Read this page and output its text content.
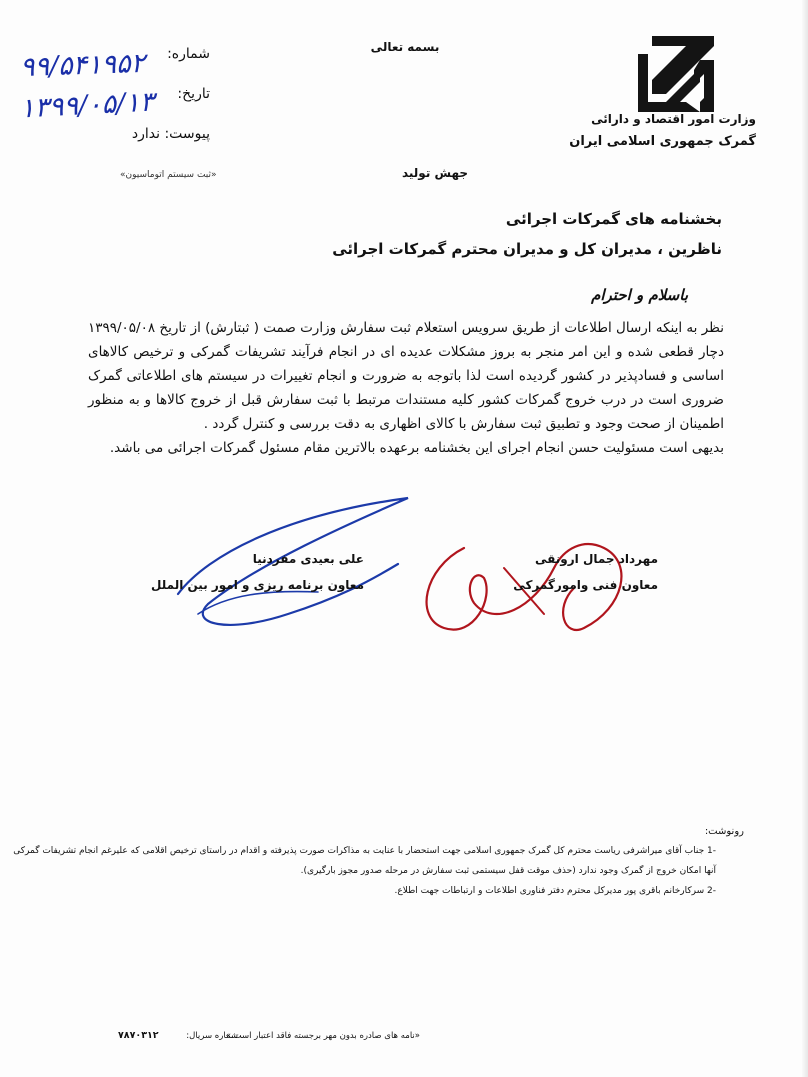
وزارت امور اقتصاد و دارائی
گمرک جمهوری اسلامی ایران
بسمه تعالی
شماره:
تاریخ:
پیوست: ندارد
۹۹/۵۴۱۹۵۲
۱۳۹۹/۰۵/۱۳
«ثبت سیستم اتوماسیون»	جهش تولید
بخشنامه های گمرکات اجرائی
ناظرین ، مدیران کل و مدیران محترم گمرکات اجرائی
باسلام و احترام

نظر به اینکه ارسال اطلاعات از طریق سرویس استعلام ثبت سفارش وزارت صمت ( ثبتارش) از تاریخ ۱۳۹۹/۰۵/۰۸ دچار قطعی شده و این امر منجر به بروز مشکلات عدیده ای در انجام فرآیند تشریفات گمرکی و ترخیص کالاهای اساسی و فسادپذیر در کشور گردیده است لذا باتوجه به ضرورت و انجام تغییرات در سیستم های اطلاعاتی گمرک ضروری است در درب خروج گمرکات کشور کلیه مستندات مرتبط با ثبت سفارش قبل از خروج کالاها و به منظور اطمینان از صحت وجود و تطبیق ثبت سفارش با کالای اظهاری به دقت بررسی و کنترل گردد .

بدیهی است مسئولیت حسن انجام اجرای این بخشنامه برعهده بالاترین مقام مسئول گمرکات اجرائی می باشد.

علی بعیدی مفردنیا
معاون برنامه ریزی و امور بین الملل
مهرداد جمال ارونقی
معاون فنی وامورگمرکی
رونوشت:
-1 جناب آقای میراشرفی ریاست محترم کل گمرک جمهوری اسلامی جهت استحضار با عنایت به مذاکرات صورت پذیرفته و اقدام در راستای ترخیص اقلامی که علیرغم انجام تشریفات گمرکی
آنها امکان خروج از گمرک وجود ندارد (حذف موقت قفل سیستمی ثبت سفارش در مرحله صدور مجوز بارگیری).
-2 سرکارخانم باقری پور مدیرکل محترم دفتر فناوری اطلاعات و ارتباطات جهت اطلاع.
«نامه های صادره بدون مهر برجسته فاقد اعتبار است.»
شماره سریال:
۷۸۷۰۳۱۲
